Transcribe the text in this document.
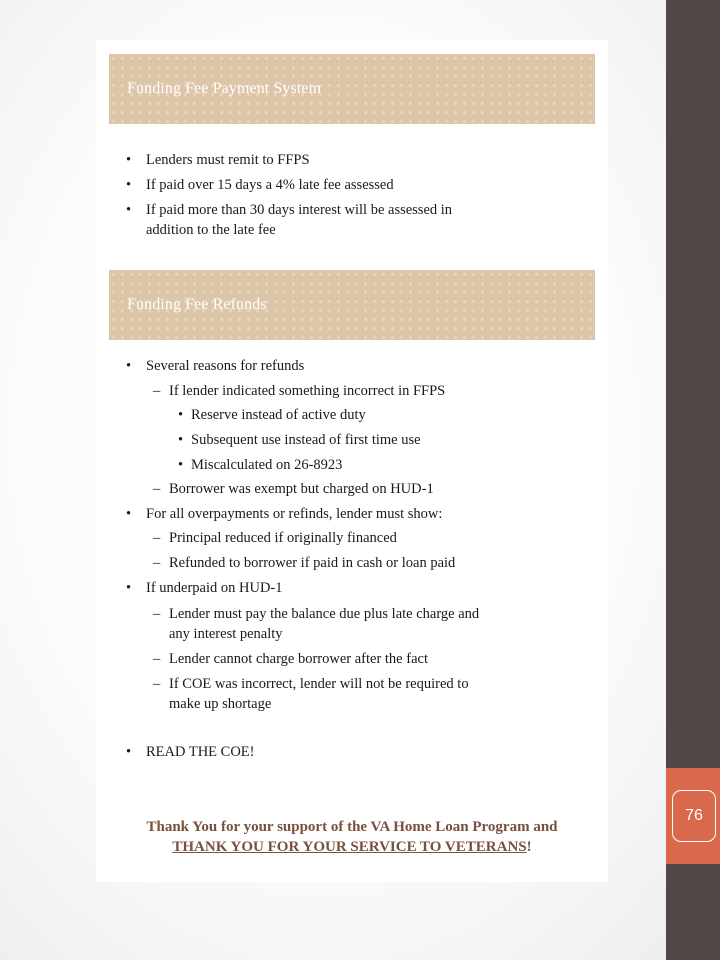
76
Funding Fee Payment System
• Lenders must remit to FFPS
• If paid over 15 days a 4% late fee assessed
• If paid more than 30 days interest will be assessed in
addition to the late fee
Funding Fee Refunds
• Several reasons for refunds
– If lender indicated something incorrect in FFPS
• Reserve instead of active duty
• Subsequent use instead of first time use
• Miscalculated on 26-8923
– Borrower was exempt but charged on HUD-1
• For all overpayments or refinds, lender must show:
– Principal reduced if originally financed
– Refunded to borrower if paid in cash or loan paid
• If underpaid on HUD-1
– Lender must pay the balance due plus late charge and
any interest penalty
– Lender cannot charge borrower after the fact
– If COE was incorrect, lender will not be required to
make up shortage
• READ THE COE!
Thank You for your support of the VA Home Loan Program and
THANK YOU FOR YOUR SERVICE TO VETERANS!
